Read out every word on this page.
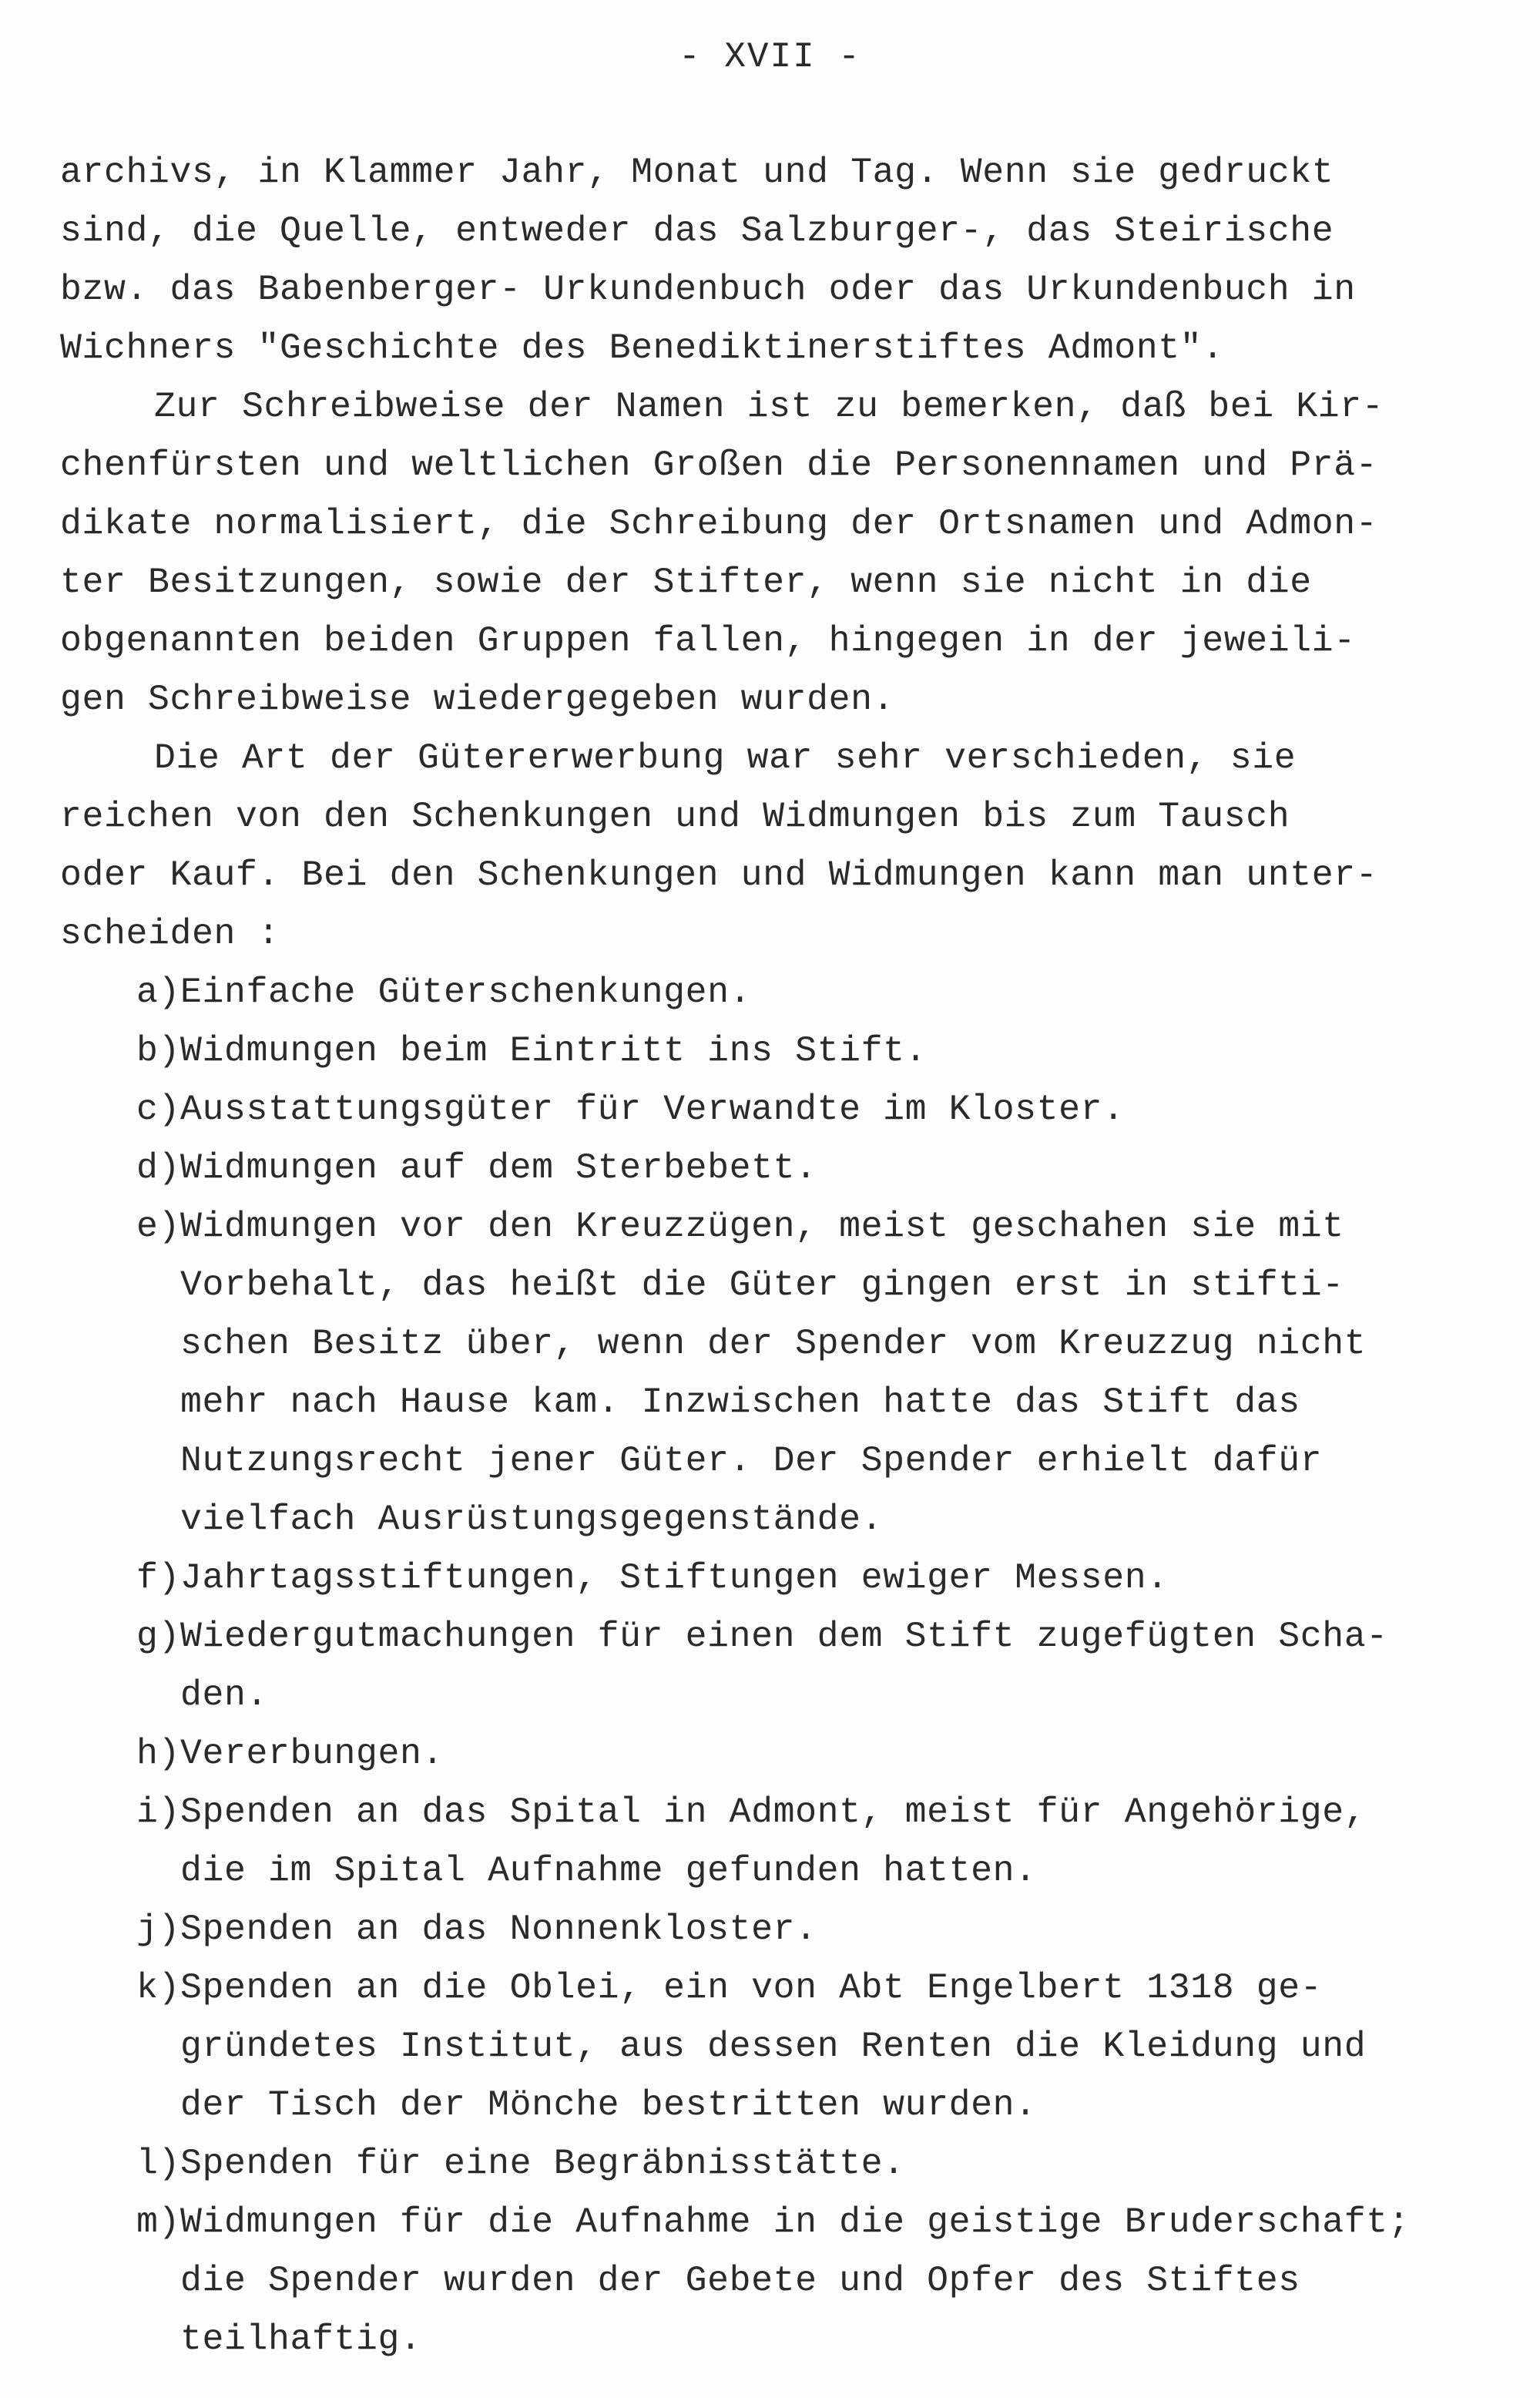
- XVII -
archivs, in Klammer Jahr, Monat und Tag. Wenn sie gedruckt
sind, die Quelle, entweder das Salzburger-, das Steirische
bzw. das Babenberger- Urkundenbuch oder das Urkundenbuch in
Wichners "Geschichte des Benediktinerstiftes Admont".
Zur Schreibweise der Namen ist zu bemerken, daß bei Kir-
chenfürsten und weltlichen Großen die Personennamen und Prä-
dikate normalisiert, die Schreibung der Ortsnamen und Admon-
ter Besitzungen, sowie der Stifter, wenn sie nicht in die
obgenannten beiden Gruppen fallen, hingegen in der jeweili-
gen Schreibweise wiedergegeben wurden.
Die Art der Gütererwerbung war sehr verschieden, sie
reichen von den Schenkungen und Widmungen bis zum Tausch
oder Kauf. Bei den Schenkungen und Widmungen kann man unter-
scheiden :
a) Einfache Güterschenkungen.
b) Widmungen beim Eintritt ins Stift.
c) Ausstattungsgüter für Verwandte im Kloster.
d) Widmungen auf dem Sterbebett.
e) Widmungen vor den Kreuzzügen, meist geschahen sie mit
Vorbehalt, das heißt die Güter gingen erst in stifti-
schen Besitz über, wenn der Spender vom Kreuzzug nicht
mehr nach Hause kam. Inzwischen hatte das Stift das
Nutzungsrecht jener Güter. Der Spender erhielt dafür
vielfach Ausrüstungsgegenstände.
f) Jahrtagsstiftungen, Stiftungen ewiger Messen.
g) Wiedergutmachungen für einen dem Stift zugefügten Scha-
den.
h) Vererbungen.
i) Spenden an das Spital in Admont, meist für Angehörige,
die im Spital Aufnahme gefunden hatten.
j) Spenden an das Nonnenkloster.
k) Spenden an die Oblei, ein von Abt Engelbert 1318 ge-
gründetes Institut, aus dessen Renten die Kleidung und
der Tisch der Mönche bestritten wurden.
l) Spenden für eine Begräbnisstätte.
m) Widmungen für die Aufnahme in die geistige Bruderschaft;
die Spender wurden der Gebete und Opfer des Stiftes
teilhaftig.
